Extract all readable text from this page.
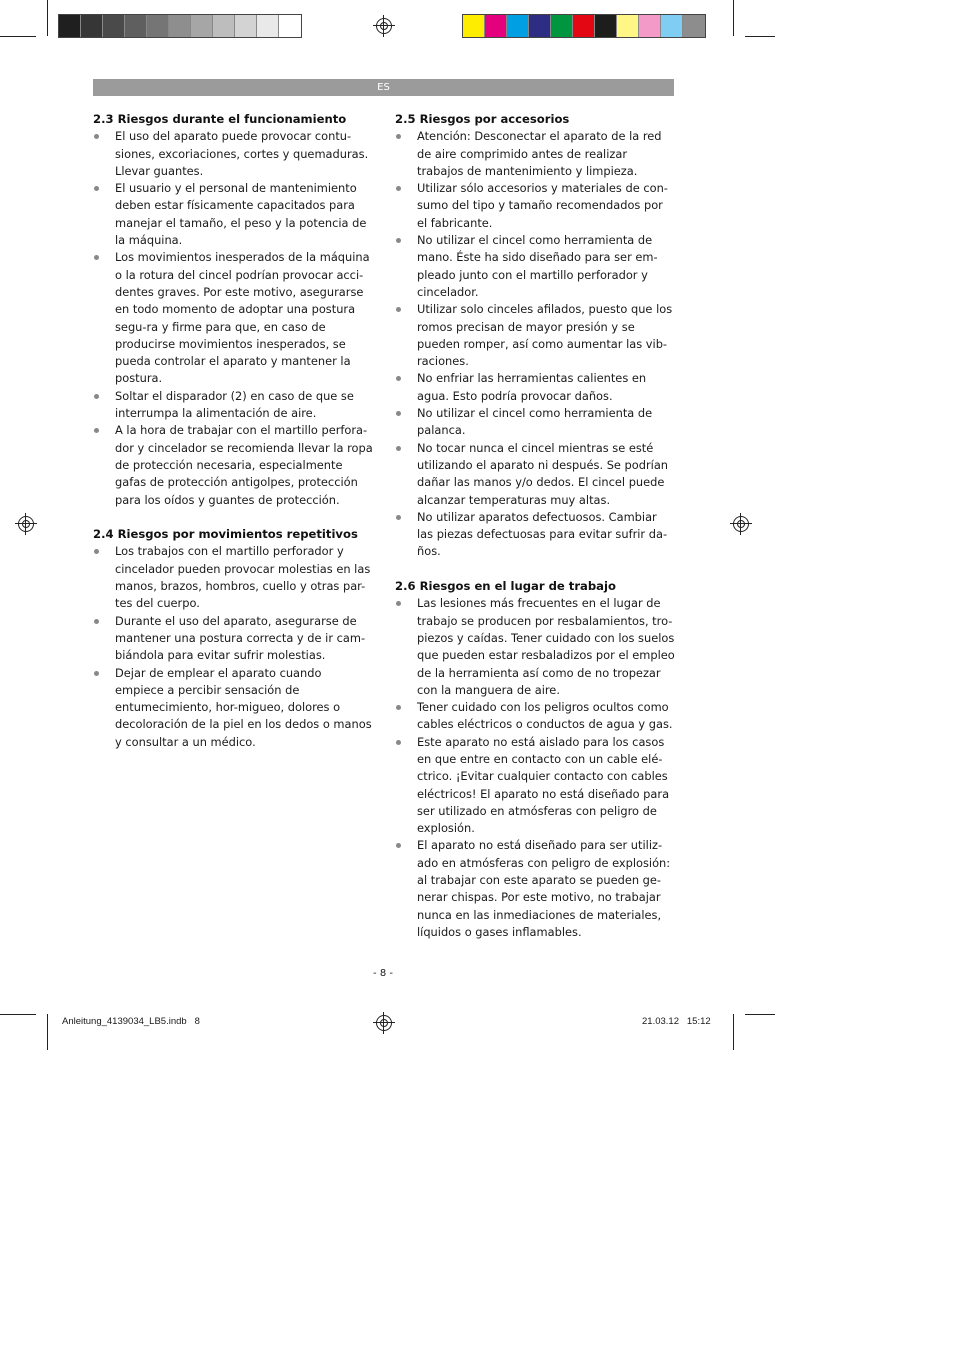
ES
2.3 Riesgos durante el funcionamiento
El uso del aparato puede provocar contu-siones, excoriaciones, cortes y quemaduras. Llevar guantes.
El usuario y el personal de mantenimiento deben estar físicamente capacitados para manejar el tamaño, el peso y la potencia de la máquina.
Los movimientos inesperados de la máquina o la rotura del cincel podrían provocar acci-dentes graves. Por este motivo, asegurarse en todo momento de adoptar una postura segu-ra y firme para que, en caso de producirse movimientos inesperados, se pueda controlar el aparato y mantener la postura.
Soltar el disparador (2) en caso de que se interrumpa la alimentación de aire.
A la hora de trabajar con el martillo perfora-dor y cincelador se recomienda llevar la ropa de protección necesaria, especialmente gafas de protección antigolpes, protección para los oídos y guantes de protección.
2.4 Riesgos por movimientos repetitivos
Los trabajos con el martillo perforador y cincelador pueden provocar molestias en las manos, brazos, hombros, cuello y otras par-tes del cuerpo.
Durante el uso del aparato, asegurarse de mantener una postura correcta y de ir cam-biándola para evitar sufrir molestias.
Dejar de emplear el aparato cuando empiece a percibir sensación de entumecimiento, hor-migueo, dolores o decoloración de la piel en los dedos o manos y consultar a un médico.
2.5 Riesgos por accesorios
Atención: Desconectar el aparato de la red de aire comprimido antes de realizar trabajos de mantenimiento y limpieza.
Utilizar sólo accesorios y materiales de con-sumo del tipo y tamaño recomendados por el fabricante.
No utilizar el cincel como herramienta de mano. Éste ha sido diseñado para ser em-pleado junto con el martillo perforador y cincelador.
Utilizar solo cinceles afilados, puesto que los romos precisan de mayor presión y se pueden romper, así como aumentar las vib-raciones.
No enfriar las herramientas calientes en agua. Esto podría provocar daños.
No utilizar el cincel como herramienta de palanca.
No tocar nunca el cincel mientras se esté utilizando el aparato ni después. Se podrían dañar las manos y/o dedos. El cincel puede alcanzar temperaturas muy altas.
No utilizar aparatos defectuosos. Cambiar las piezas defectuosas para evitar sufrir da-ños.
2.6 Riesgos en el lugar de trabajo
Las lesiones más frecuentes en el lugar de trabajo se producen por resbalamientos, tro-piezos y caídas. Tener cuidado con los suelos que pueden estar resbaladizos por el empleo de la herramienta así como de no tropezar con la manguera de aire.
Tener cuidado con los peligros ocultos como cables eléctricos o conductos de agua y gas.
Este aparato no está aislado para los casos en que entre en contacto con un cable elé-ctrico. ¡Evitar cualquier contacto con cables eléctricos! El aparato no está diseñado para ser utilizado en atmósferas con peligro de explosión.
El aparato no está diseñado para ser utiliz-ado en atmósferas con peligro de explosión: al trabajar con este aparato se pueden ge-nerar chispas. Por este motivo, no trabajar nunca en las inmediaciones de materiales, líquidos o gases inflamables.
- 8 -
Anleitung_4139034_LB5.indb   8	21.03.12   15:12
